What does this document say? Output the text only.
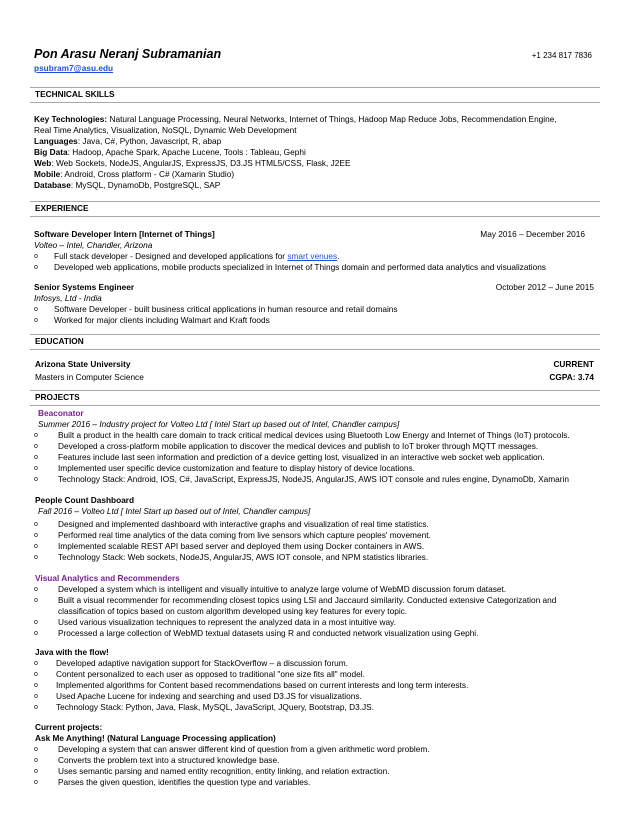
Pon Arasu Neranj Subramanian
psubram7@asu.edu
+1 234 817 7836
TECHNICAL SKILLS
Key Technologies: Natural Language Processing, Neural Networks, Internet of Things, Hadoop Map Reduce Jobs, Recommendation Engine,
Real Time Analytics, Visualization, NoSQL, Dynamic Web Development
Languages: Java, C#, Python, Javascript, R, abap
Big Data: Hadoop, Apache Spark, Apache Lucene, Tools : Tableau, Gephi
Web: Web Sockets, NodeJS, AngularJS, ExpressJS, D3.JS HTML5/CSS, Flask, J2EE
Mobile: Android, Cross platform - C# (Xamarin Studio)
Database: MySQL, DynamoDb, PostgreSQL, SAP
EXPERIENCE
Software Developer Intern [Internet of Things]	May 2016 – December 2016
Volteo – Intel, Chandler, Arizona
o Full stack developer - Designed and developed applications for smart venues.
o Developed web applications, mobile products specialized in Internet of Things domain and performed data analytics and visualizations
Senior Systems Engineer	October 2012 – June 2015
Infosys, Ltd - India
o Software Developer - built business critical applications in human resource and retail domains
o Worked for major clients including Walmart and Kraft foods
EDUCATION
Arizona State University	CURRENT
Masters in Computer Science	CGPA: 3.74
PROJECTS
Beaconator
Summer 2016 – Industry project for Volteo Ltd [ Intel Start up based out of Intel, Chandler campus]
o Built a product in the health care domain to track critical medical devices using Bluetooth Low Energy and Internet of Things (IoT) protocols.
o Developed a cross-platform mobile application to discover the medical devices and publish to IoT broker through MQTT messages.
o Features include last seen information and prediction of a device getting lost, visualized in an interactive web socket web application.
o Implemented user specific device customization and feature to display history of device locations.
o Technology Stack: Android, IOS, C#, JavaScript, ExpressJS, NodeJS, AngularJS, AWS IOT console and rules engine, DynamoDb, Xamarin
People Count Dashboard
Fall 2016 – Volteo Ltd [ Intel Start up based out of Intel, Chandler campus]
o Designed and implemented dashboard with interactive graphs and visualization of real time statistics.
o Performed real time analytics of the data coming from live sensors which capture peoples' movement.
o Implemented scalable REST API based server and deployed them using Docker containers in AWS.
o Technology Stack: Web sockets, NodeJS, AngularJS, AWS IOT console, and NPM statistics libraries.
Visual Analytics and Recommenders
o Developed a system which is intelligent and visually intuitive to analyze large volume of WebMD discussion forum dataset.
o Built a visual recommender for recommending closest topics using LSI and Jaccaurd similarity. Conducted extensive Categorization and classification of topics based on custom algorithm developed using key features for every topic.
o Used various visualization techniques to represent the analyzed data in a most intuitive way.
o Processed a large collection of WebMD textual datasets using R and conducted network visualization using Gephi.
Java with the flow!
o Developed adaptive navigation support for StackOverflow – a discussion forum.
o Content personalized to each user as opposed to traditional "one size fits all" model.
o Implemented algorithms for Content based recommendations based on current interests and long term interests.
o Used Apache Lucene for indexing and searching and used D3.JS for visualizations.
o Technology Stack: Python, Java, Flask, MySQL, JavaScript, JQuery, Bootstrap, D3.JS.
Current projects:
Ask Me Anything! (Natural Language Processing application)
o Developing a system that can answer different kind of question from a given arithmetic word problem.
o Converts the problem text into a structured knowledge base.
o Uses semantic parsing and named entity recognition, entity linking, and relation extraction.
o Parses the given question, identifies the question type and variables.
